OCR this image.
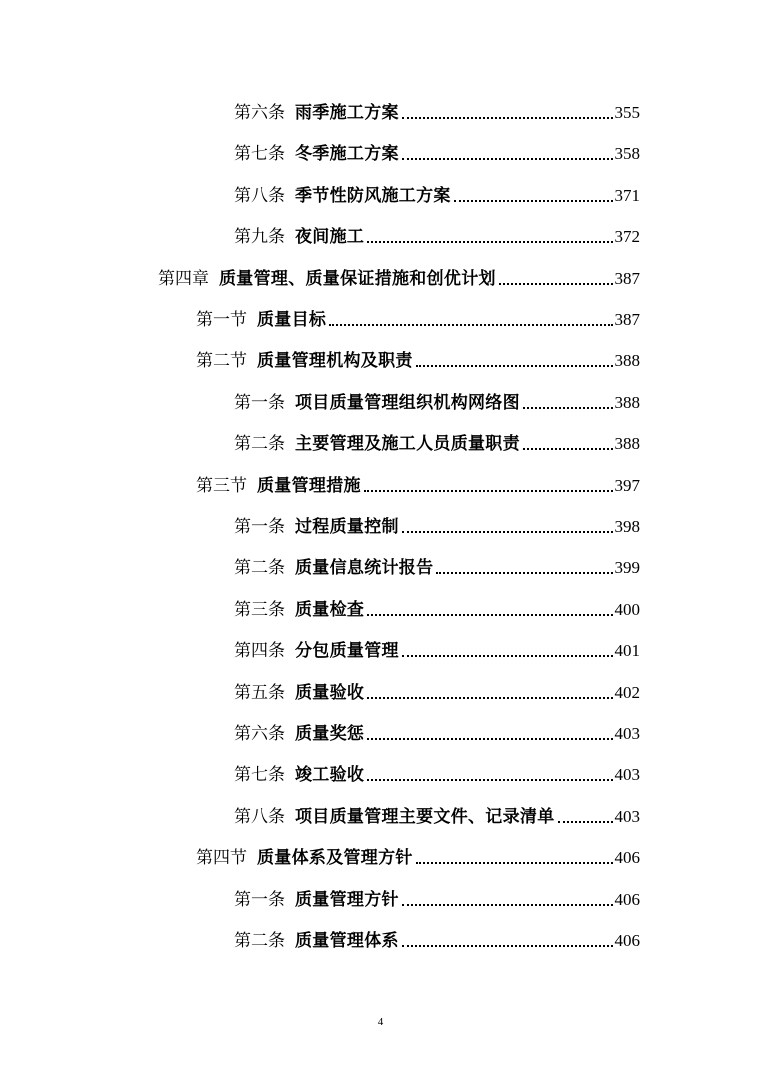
第六条 雨季施工方案	355
第七条 冬季施工方案	358
第八条 季节性防风施工方案	371
第九条 夜间施工	372
第四章 质量管理、质量保证措施和创优计划	387
第一节 质量目标	387
第二节 质量管理机构及职责	388
第一条 项目质量管理组织机构网络图	388
第二条 主要管理及施工人员质量职责	388
第三节 质量管理措施	397
第一条 过程质量控制	398
第二条 质量信息统计报告	399
第三条 质量检查	400
第四条 分包质量管理	401
第五条 质量验收	402
第六条 质量奖惩	403
第七条 竣工验收	403
第八条 项目质量管理主要文件、记录清单	403
第四节 质量体系及管理方针	406
第一条 质量管理方针	406
第二条 质量管理体系	406
4
